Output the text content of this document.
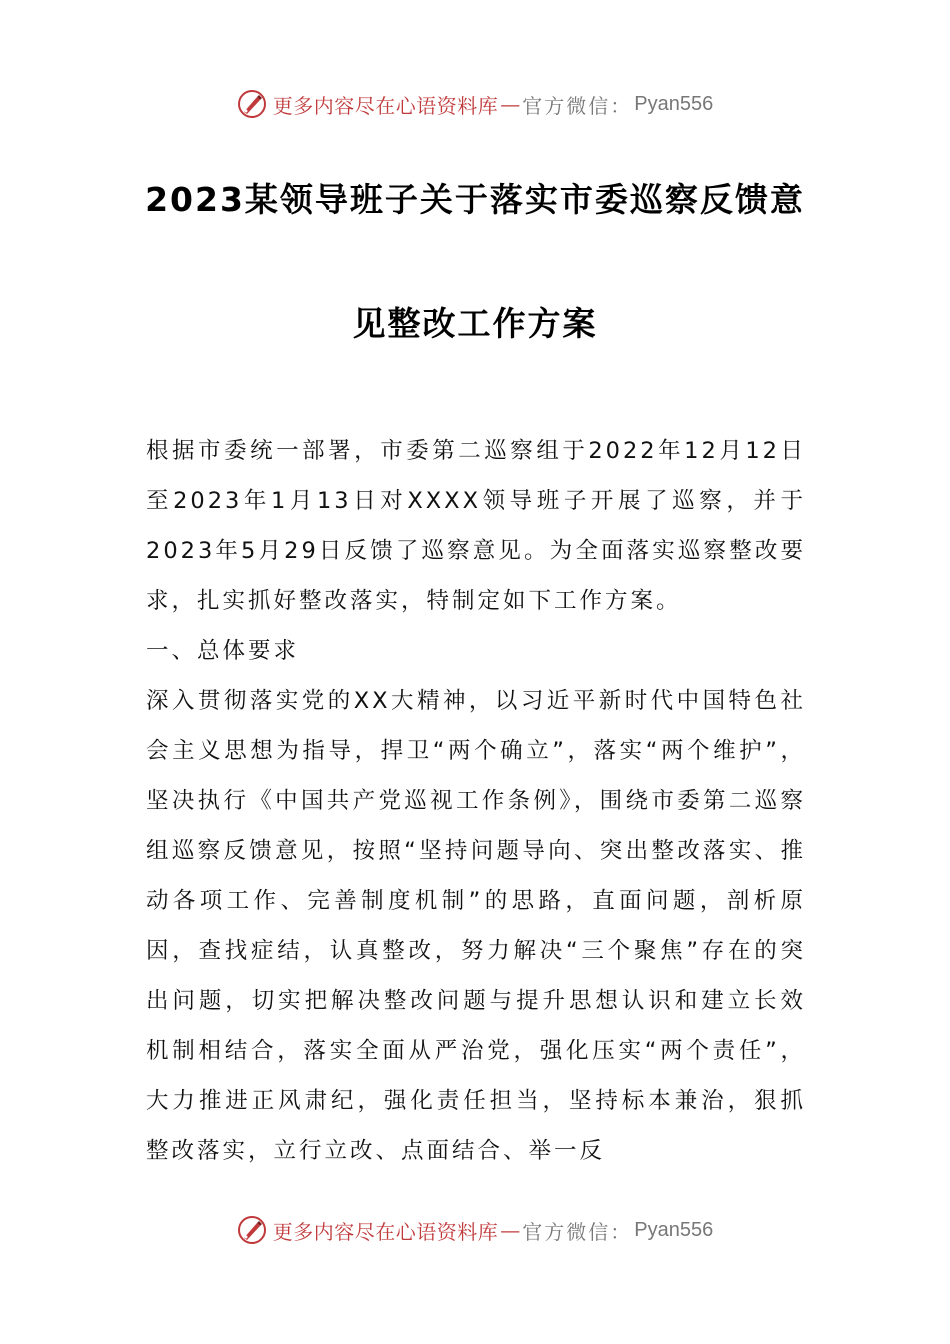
更多内容尽在心语资料库 — 官方微信： Pyan556
2023某领导班子关于落实市委巡察反馈意
见整改工作方案

根据市委统一部署，市委第二巡察组于2022年12月12日至2023年1月13日对XXXX领导班子开展了巡察，并于2023年5月29日反馈了巡察意见。为全面落实巡察整改要求，扎实抓好整改落实，特制定如下工作方案。

一、总体要求

深入贯彻落实党的XX大精神，以习近平新时代中国特色社会主义思想为指导，捍卫“两个确立”，落实“两个维护”，坚决执行《中国共产党巡视工作条例》，围绕市委第二巡察组巡察反馈意见，按照“坚持问题导向、突出整改落实、推动各项工作、完善制度机制”的思路，直面问题，剖析原因，查找症结，认真整改，努力解决“三个聚焦”存在的突出问题，切实把解决整改问题与提升思想认识和建立长效机制相结合，落实全面从严治党，强化压实“两个责任”，大力推进正风肃纪，强化责任担当，坚持标本兼治，狠抓整改落实，立行立改、点面结合、举一反

更多内容尽在心语资料库 — 官方微信： Pyan556
